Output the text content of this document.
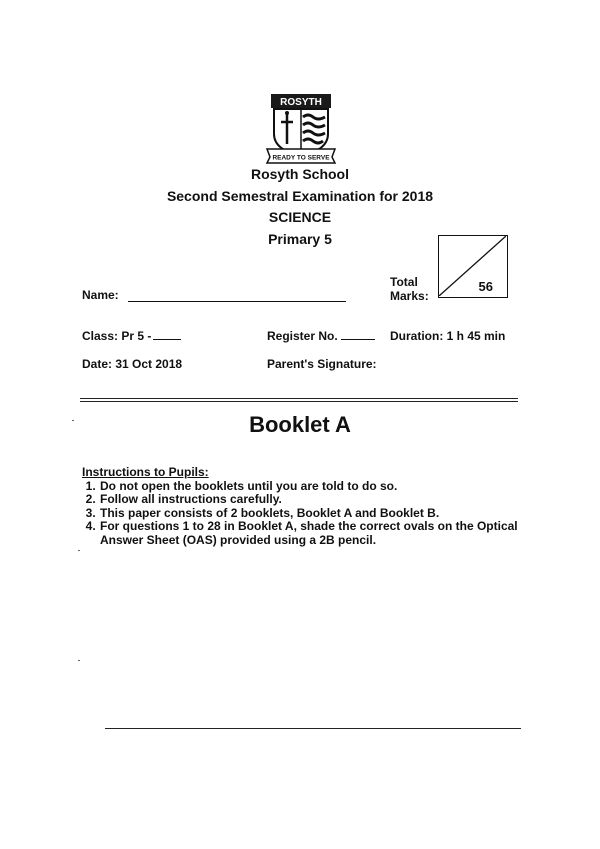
ROSYTH
READY TO SERVE
Rosyth School
Second Semestral Examination for 2018
SCIENCE
Primary 5
Total
Marks:
56
Name:
Class: Pr 5 -	Register No.	Duration: 1 h 45 min
Date: 31 Oct 2018	Parent's Signature:
Booklet A
Instructions to Pupils:
1. Do not open the booklets until you are told to do so.
2. Follow all instructions carefully.
3. This paper consists of 2 booklets, Booklet A and Booklet B.
4. For questions 1 to 28 in Booklet A, shade the correct ovals on the Optical Answer Sheet (OAS) provided using a 2B pencil.
